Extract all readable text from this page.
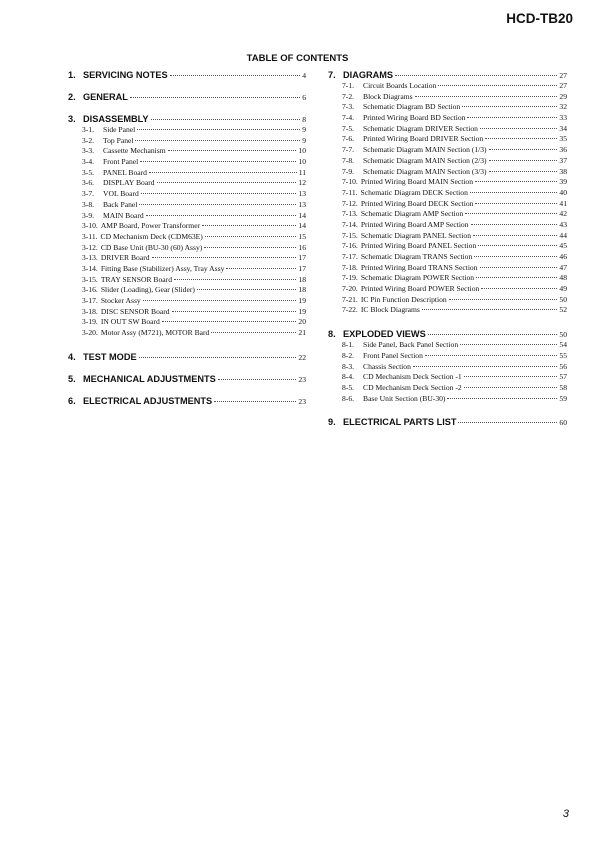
HCD-TB20
TABLE OF CONTENTS
1. SERVICING NOTES	4
2. GENERAL	6
3. DISASSEMBLY	8
3-1.	Side Panel	9
3-2.	Top Panel	9
3-3.	Cassette Mechanism	10
3-4.	Front Panel	10
3-5.	PANEL Board	11
3-6.	DISPLAY Board	12
3-7.	VOL Board	13
3-8.	Back Panel	13
3-9.	MAIN Board	14
3-10. AMP Board, Power Transformer	14
3-11. CD Mechanism Deck (CDM63E)	15
3-12. CD Base Unit (BU-30 (60) Assy)	16
3-13. DRIVER Board	17
3-14. Fitting Base (Stabilizer) Assy, Tray Assy	17
3-15. TRAY SENSOR Board	18
3-16. Slider (Loading), Gear (Slider)	18
3-17. Stocker Assy	19
3-18. DISC SENSOR Board	19
3-19. IN OUT SW Board	20
3-20. Motor Assy (M721), MOTOR Bard	21
4. TEST MODE	22
5. MECHANICAL ADJUSTMENTS	23
6. ELECTRICAL ADJUSTMENTS	23
7. DIAGRAMS	27
7-1.	Circuit Boards Location	27
7-2.	Block Diagrams	29
7-3.	Schematic Diagram BD Section	32
7-4.	Printed Wiring Board BD Section	33
7-5.	Schematic Diagram DRIVER Section	34
7-6.	Printed Wiring Board DRIVER Section	35
7-7.	Schematic Diagram MAIN Section (1/3)	36
7-8.	Schematic Diagram MAIN Section (2/3)	37
7-9.	Schematic Diagram MAIN Section (3/3)	38
7-10. Printed Wiring Board MAIN Section	39
7-11. Schematic Diagram DECK Section	40
7-12. Printed Wiring Board DECK Section	41
7-13. Schematic Diagram AMP Section	42
7-14. Printed Wiring Board AMP Section	43
7-15. Schematic Diagram PANEL Section	44
7-16. Printed Wiring Board PANEL Section	45
7-17. Schematic Diagram TRANS Section	46
7-18. Printed Wiring Board TRANS Section	47
7-19. Schematic Diagram POWER Section	48
7-20. Printed Wiring Board POWER Section	49
7-21. IC Pin Function Description	50
7-22. IC Block Diagrams	52
8. EXPLODED VIEWS	50
8-1.	Side Panel, Back Panel Section	54
8-2.	Front Panel Section	55
8-3.	Chassis Section	56
8-4.	CD Mechanism Deck Section -1	57
8-5.	CD Mechanism Deck Section -2	58
8-6.	Base Unit Section (BU-30)	59
9. ELECTRICAL PARTS LIST	60
3
